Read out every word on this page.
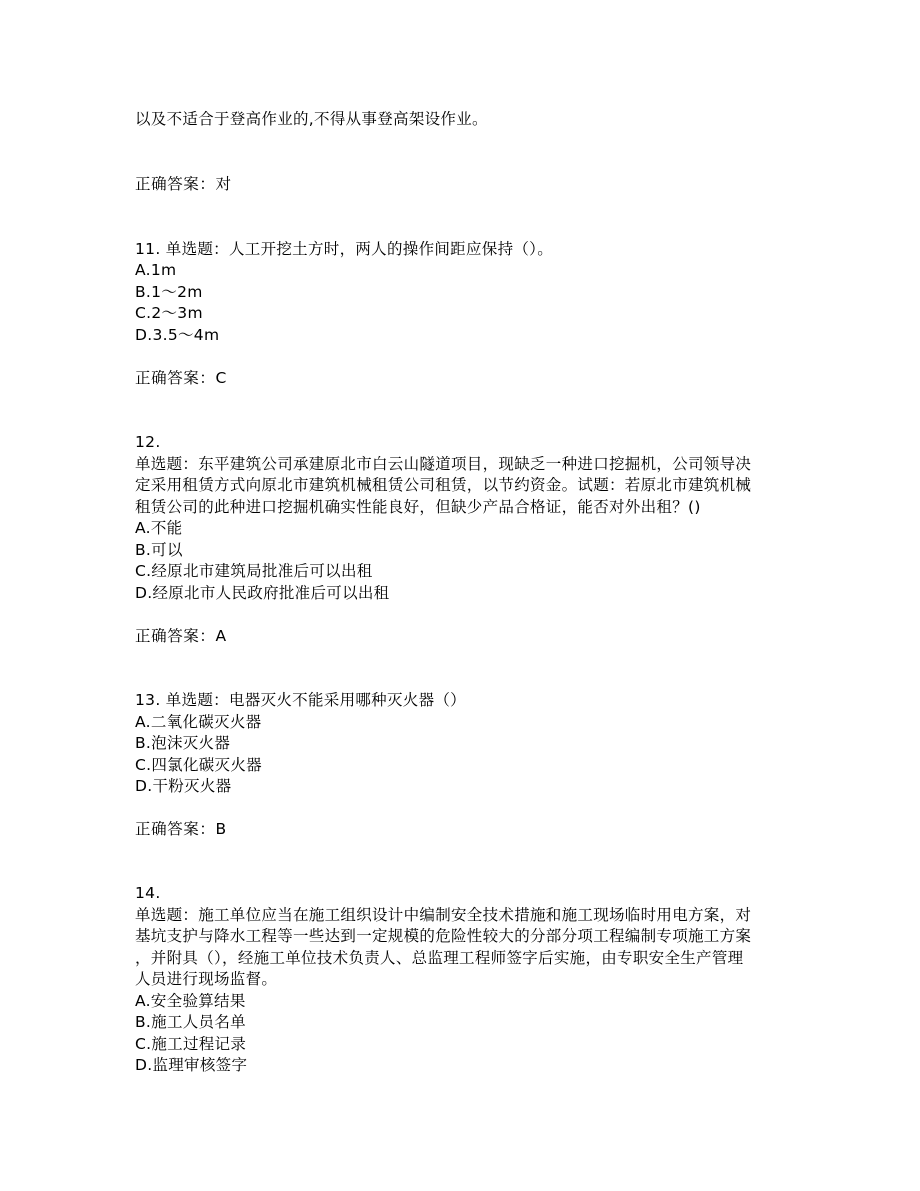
以及不适合于登高作业的,不得从事登高架设作业。
正确答案：对
11. 单选题：人工开挖土方时，两人的操作间距应保持（）。
A.1m
B.1～2m
C.2～3m
D.3.5～4m
正确答案：C
12.
单选题：东平建筑公司承建原北市白云山隧道项目，现缺乏一种进口挖掘机，公司领导决
定采用租赁方式向原北市建筑机械租赁公司租赁，以节约资金。试题：若原北市建筑机械
租赁公司的此种进口挖掘机确实性能良好，但缺少产品合格证，能否对外出租？()
A.不能
B.可以
C.经原北市建筑局批准后可以出租
D.经原北市人民政府批准后可以出租
正确答案：A
13. 单选题：电器灭火不能采用哪种灭火器（）
A.二氧化碳灭火器
B.泡沫灭火器
C.四氯化碳灭火器
D.干粉灭火器
正确答案：B
14.
单选题：施工单位应当在施工组织设计中编制安全技术措施和施工现场临时用电方案，对
基坑支护与降水工程等一些达到一定规模的危险性较大的分部分项工程编制专项施工方案
，并附具（），经施工单位技术负责人、总监理工程师签字后实施，由专职安全生产管理
人员进行现场监督。
A.安全验算结果
B.施工人员名单
C.施工过程记录
D.监理审核签字
